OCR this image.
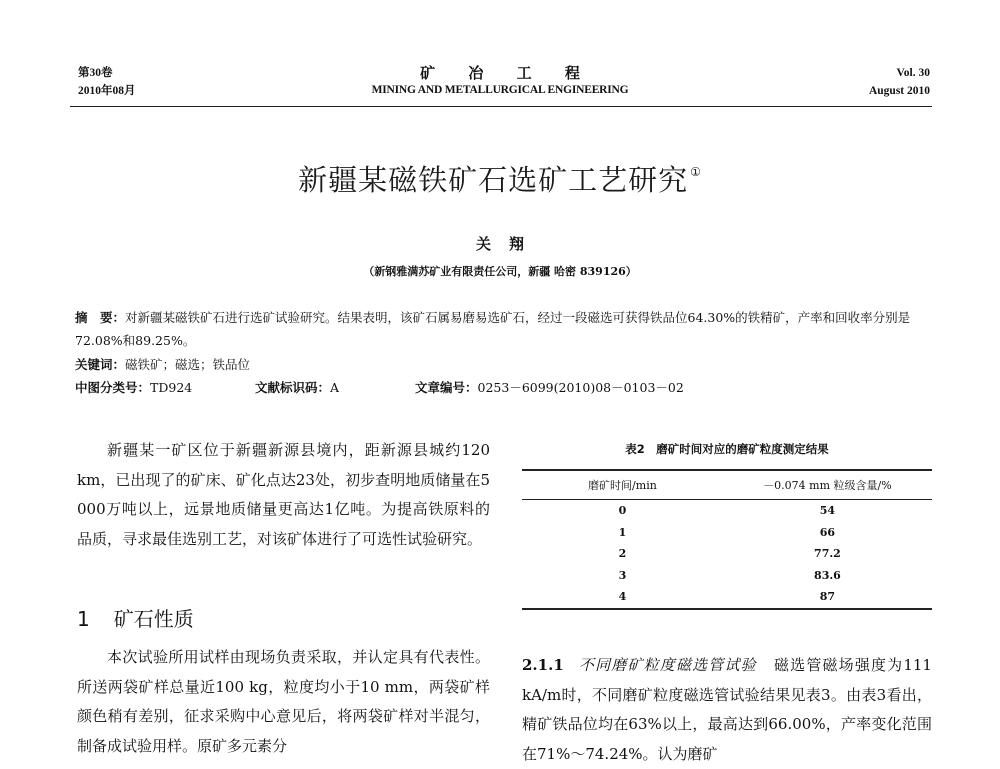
第30卷
2010年08月
矿 冶 工 程
MINING AND METALLURGICAL ENGINEERING
Vol. 30
August 2010
新疆某磁铁矿石选矿工艺研究 ①
关翔
（新钢雅满苏矿业有限责任公司，新疆 哈密 839126）
摘　要：对新疆某磁铁矿石进行选矿试验研究。结果表明，该矿石属易磨易选矿石，经过一段磁选可获得铁品位64.30%的铁精矿，产率和回收率分别是72.08%和89.25%。
关键词：磁铁矿；磁选；铁品位
中图分类号：TD924	文献标识码：A	文章编号：0253－6099(2010)08－0103－02
新疆某一矿区位于新疆新源县境内，距新源县城约120 km，已出现了的矿床、矿化点达23处，初步查明地质储量在5 000万吨以上，远景地质储量更高达1亿吨。为提高铁原料的品质，寻求最佳选别工艺，对该矿体进行了可选性试验研究。
1 矿石性质
本次试验所用试样由现场负责采取，并认定具有代表性。所送两袋矿样总量近100 kg，粒度均小于10 mm，两袋矿样颜色稍有差别，征求采购中心意见后，将两袋矿样对半混匀，制备成试验用样。原矿多元素分
表2　磨矿时间对应的磨矿粒度测定结果
磨矿时间/min	－0.074 mm 粒级含量/%
0	54
1	66
2	77.2
3	83.6
4	87
2.1.1 不同磨矿粒度磁选管试验 磁选管磁场强度为111 kA/m时，不同磨矿粒度磁选管试验结果见表3。由表3看出，精矿铁品位均在63%以上，最高达到66.00%，产率变化范围在71%～74.24%。认为磨矿
